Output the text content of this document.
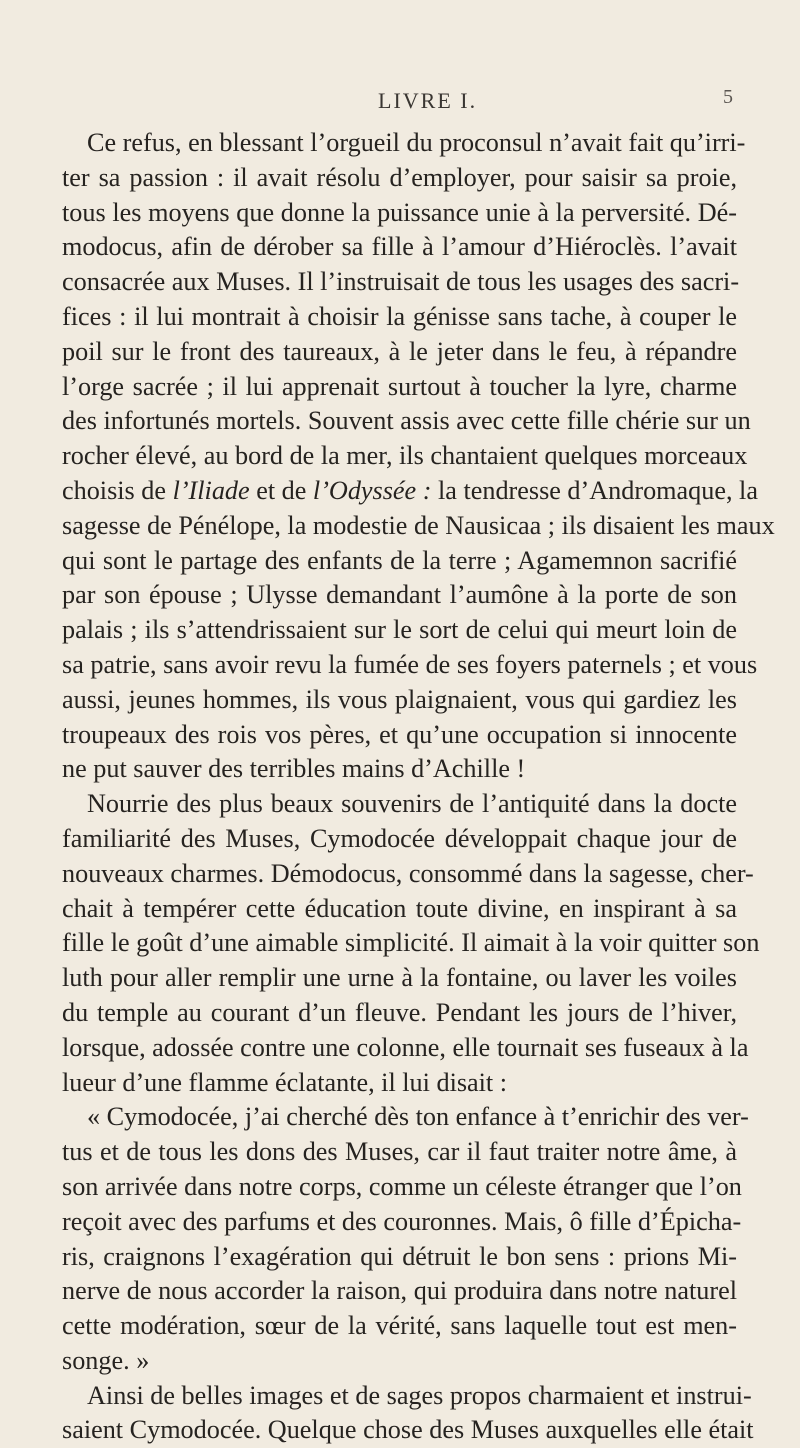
LIVRE I.	5
Ce refus, en blessant l’orgueil du proconsul n’avait fait qu’irri-
ter sa passion : il avait résolu d’employer, pour saisir sa proie,
tous les moyens que donne la puissance unie à la perversité. Dé-
modocus, afin de dérober sa fille à l’amour d’Hiéroclès. l’avait
consacrée aux Muses. Il l’instruisait de tous les usages des sacri-
fices : il lui montrait à choisir la génisse sans tache, à couper le
poil sur le front des taureaux, à le jeter dans le feu, à répandre
l’orge sacrée ; il lui apprenait surtout à toucher la lyre, charme
des infortunés mortels. Souvent assis avec cette fille chérie sur un
rocher élevé, au bord de la mer, ils chantaient quelques morceaux
choisis de l’Iliade et de l’Odyssée : la tendresse d’Andromaque, la
sagesse de Pénélope, la modestie de Nausicaa ; ils disaient les maux
qui sont le partage des enfants de la terre ; Agamemnon sacrifié
par son épouse ; Ulysse demandant l’aumône à la porte de son
palais ; ils s’attendrissaient sur le sort de celui qui meurt loin de
sa patrie, sans avoir revu la fumée de ses foyers paternels ; et vous
aussi, jeunes hommes, ils vous plaignaient, vous qui gardiez les
troupeaux des rois vos pères, et qu’une occupation si innocente
ne put sauver des terribles mains d’Achille !
Nourrie des plus beaux souvenirs de l’antiquité dans la docte
familiarité des Muses, Cymodocée développait chaque jour de
nouveaux charmes. Démodocus, consommé dans la sagesse, cher-
chait à tempérer cette éducation toute divine, en inspirant à sa
fille le goût d’une aimable simplicité. Il aimait à la voir quitter son
luth pour aller remplir une urne à la fontaine, ou laver les voiles
du temple au courant d’un fleuve. Pendant les jours de l’hiver,
lorsque, adossée contre une colonne, elle tournait ses fuseaux à la
lueur d’une flamme éclatante, il lui disait :
« Cymodocée, j’ai cherché dès ton enfance à t’enrichir des ver-
tus et de tous les dons des Muses, car il faut traiter notre âme, à
son arrivée dans notre corps, comme un céleste étranger que l’on
reçoit avec des parfums et des couronnes. Mais, ô fille d’Épicha-
ris, craignons l’exagération qui détruit le bon sens : prions Mi-
nerve de nous accorder la raison, qui produira dans notre naturel
cette modération, sœur de la vérité, sans laquelle tout est men-
songe. »
Ainsi de belles images et de sages propos charmaient et instrui-
saient Cymodocée. Quelque chose des Muses auxquelles elle était
